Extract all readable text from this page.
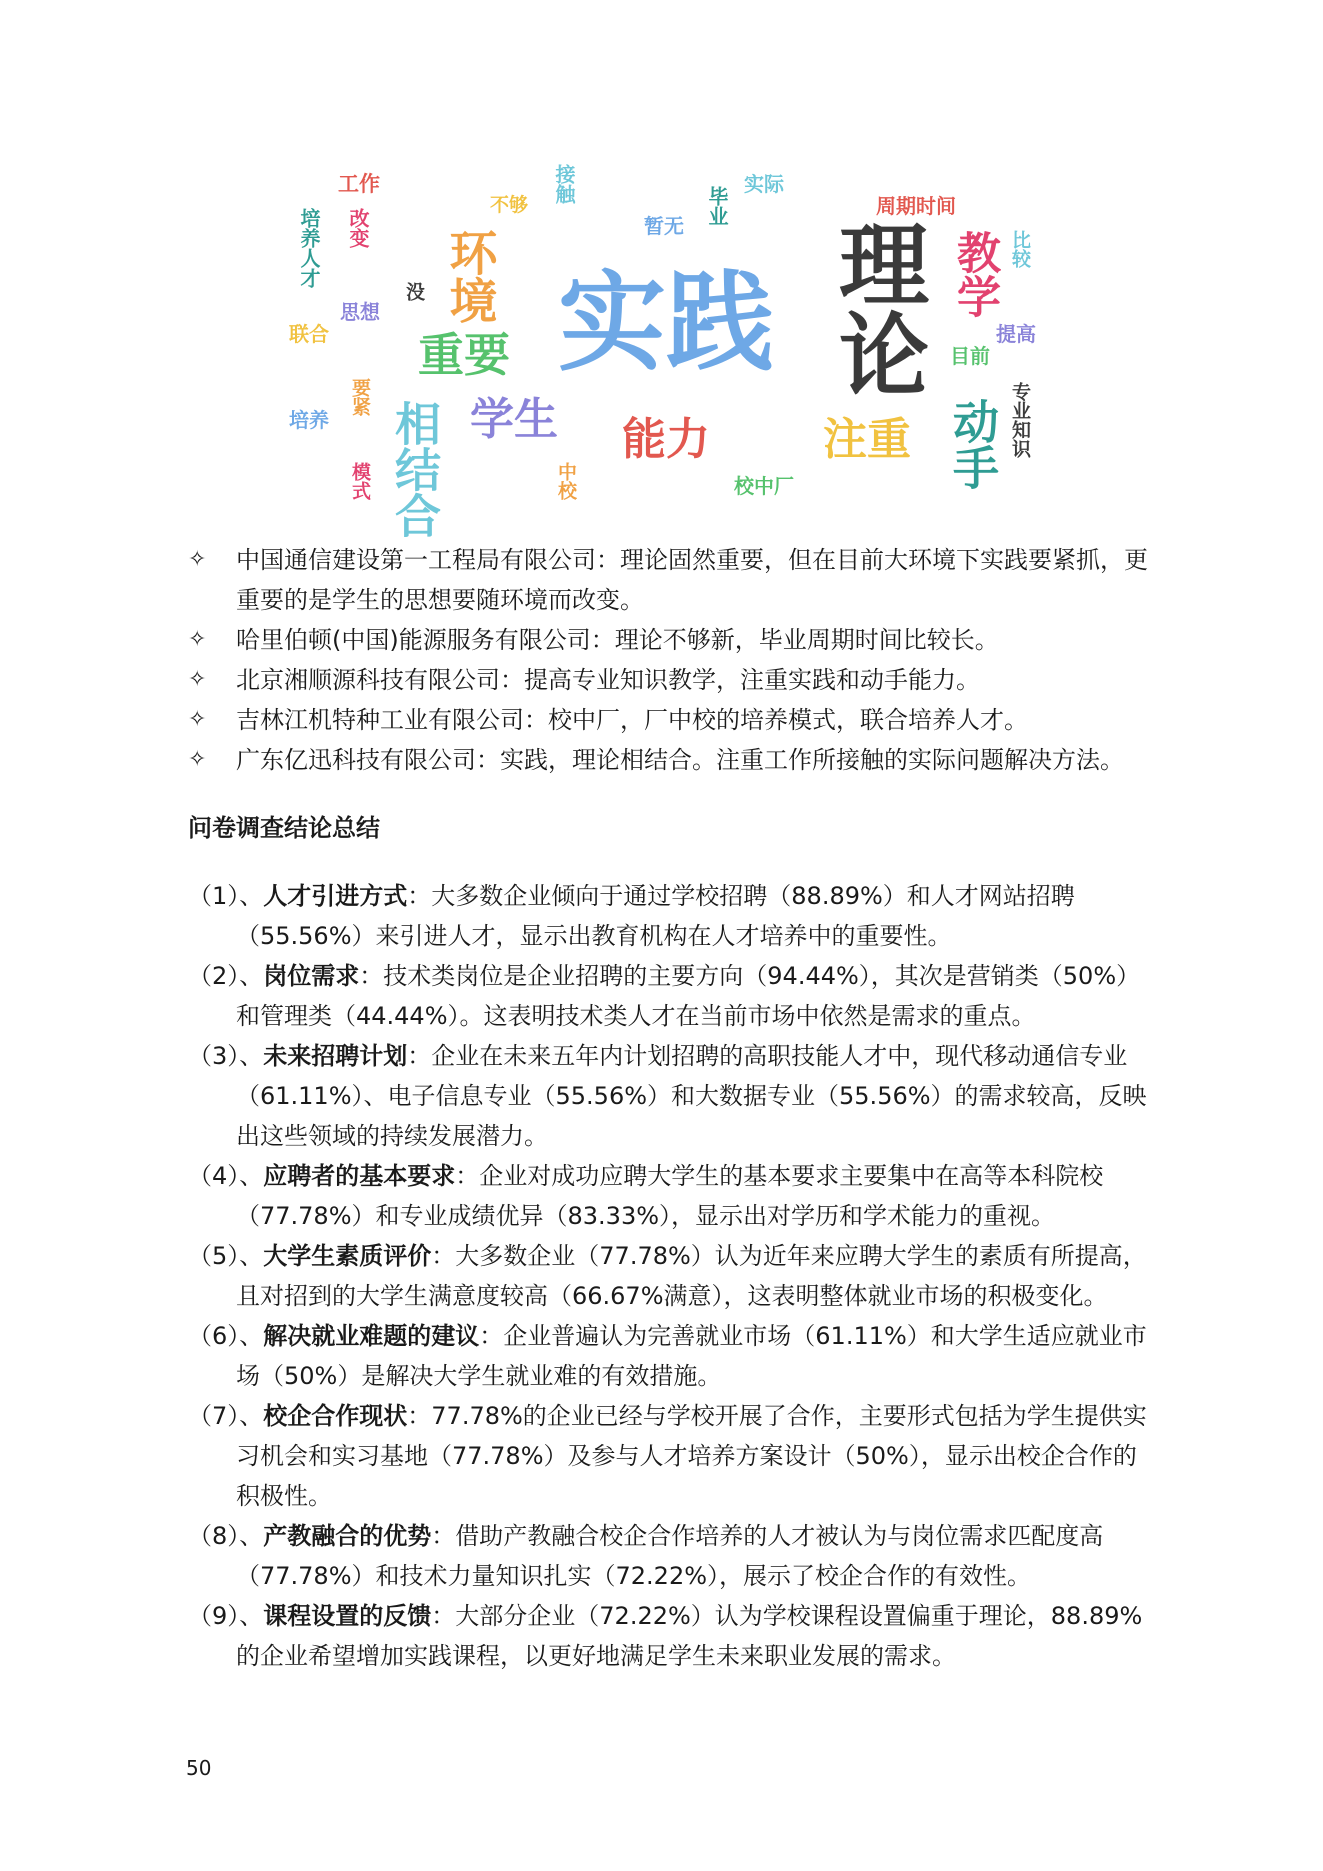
实践 理论
环境
重要
学生 能力	注重 动手
教学
相结合
工作
改变
培养人才
思想
联合
培养
要紧
模式
不够
接触
暂无
没
毕业
实际
周期时间
比较
提高
目前
专业知识
中校	校中厂
✧	中国通信建设第一工程局有限公司：理论固然重要，但在目前大环境下实践要紧抓，更重要的是学生的思想要随环境而改变。
✧	哈里伯顿(中国)能源服务有限公司：理论不够新，毕业周期时间比较长。
✧	北京湘顺源科技有限公司：提高专业知识教学，注重实践和动手能力。
✧	吉林江机特种工业有限公司：校中厂，厂中校的培养模式，联合培养人才。
✧	广东亿迅科技有限公司：实践，理论相结合。注重工作所接触的实际问题解决方法。
问卷调查结论总结
（1）、人才引进方式：大多数企业倾向于通过学校招聘（88.89%）和人才网站招聘（55.56%）来引进人才，显示出教育机构在人才培养中的重要性。
（2）、岗位需求：技术类岗位是企业招聘的主要方向（94.44%），其次是营销类（50%）和管理类（44.44%）。这表明技术类人才在当前市场中依然是需求的重点。
（3）、未来招聘计划：企业在未来五年内计划招聘的高职技能人才中，现代移动通信专业（61.11%）、电子信息专业（55.56%）和大数据专业（55.56%）的需求较高，反映出这些领域的持续发展潜力。
（4）、应聘者的基本要求：企业对成功应聘大学生的基本要求主要集中在高等本科院校（77.78%）和专业成绩优异（83.33%），显示出对学历和学术能力的重视。
（5）、大学生素质评价：大多数企业（77.78%）认为近年来应聘大学生的素质有所提高，且对招到的大学生满意度较高（66.67%满意），这表明整体就业市场的积极变化。
（6）、解决就业难题的建议：企业普遍认为完善就业市场（61.11%）和大学生适应就业市场（50%）是解决大学生就业难的有效措施。
（7）、校企合作现状：77.78%的企业已经与学校开展了合作，主要形式包括为学生提供实习机会和实习基地（77.78%）及参与人才培养方案设计（50%），显示出校企合作的积极性。
（8）、产教融合的优势：借助产教融合校企合作培养的人才被认为与岗位需求匹配度高（77.78%）和技术力量知识扎实（72.22%），展示了校企合作的有效性。
（9）、课程设置的反馈：大部分企业（72.22%）认为学校课程设置偏重于理论，88.89%的企业希望增加实践课程，以更好地满足学生未来职业发展的需求。
50
